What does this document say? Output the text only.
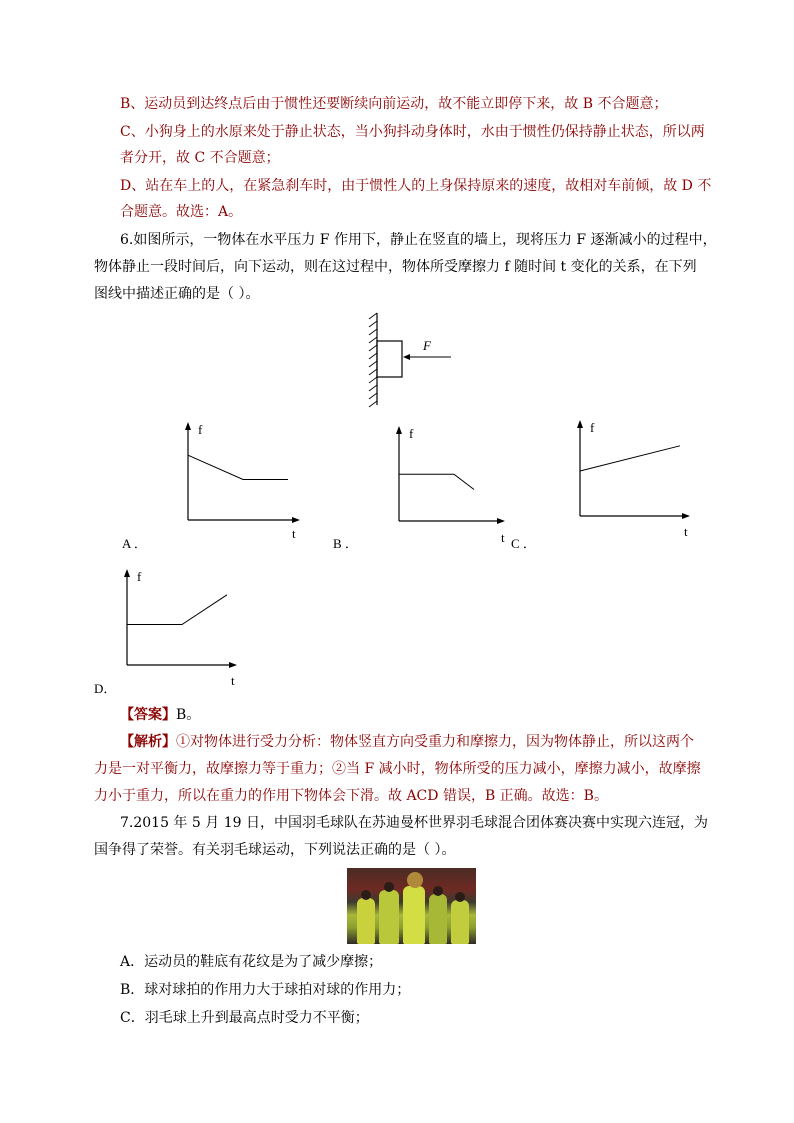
B、运动员到达终点后由于惯性还要断续向前运动，故不能立即停下来，故 B 不合题意；
C、小狗身上的水原来处于静止状态，当小狗抖动身体时，水由于惯性仍保持静止状态，所以两
者分开，故 C 不合题意；
D、站在车上的人，在紧急刹车时，由于惯性人的上身保持原来的速度，故相对车前倾，故 D 不
合题意。故选：A。
6.如图所示，一物体在水平压力 F 作用下，静止在竖直的墙上，现将压力 F 逐渐减小的过程中，
物体静止一段时间后，向下运动，则在这过程中，物体所受摩擦力 f 随时间 t 变化的关系，在下列
图线中描述正确的是（ ）。
F
f
t
A ．
f
t
B ．
f
t
C ．
f
t
D．
【答案】B。
【解析】①对物体进行受力分析：物体竖直方向受重力和摩擦力，因为物体静止，所以这两个
力是一对平衡力，故摩擦力等于重力；②当 F 减小时，物体所受的压力减小，摩擦力减小，故摩擦
力小于重力，所以在重力的作用下物体会下滑。故 ACD 错误，B 正确。故选：B。
7.2015 年 5 月 19 日，中国羽毛球队在苏迪曼杯世界羽毛球混合团体赛决赛中实现六连冠，为
国争得了荣誉。有关羽毛球运动，下列说法正确的是（ ）。
A．运动员的鞋底有花纹是为了减少摩擦；
B．球对球拍的作用力大于球拍对球的作用力；
C．羽毛球上升到最高点时受力不平衡；
